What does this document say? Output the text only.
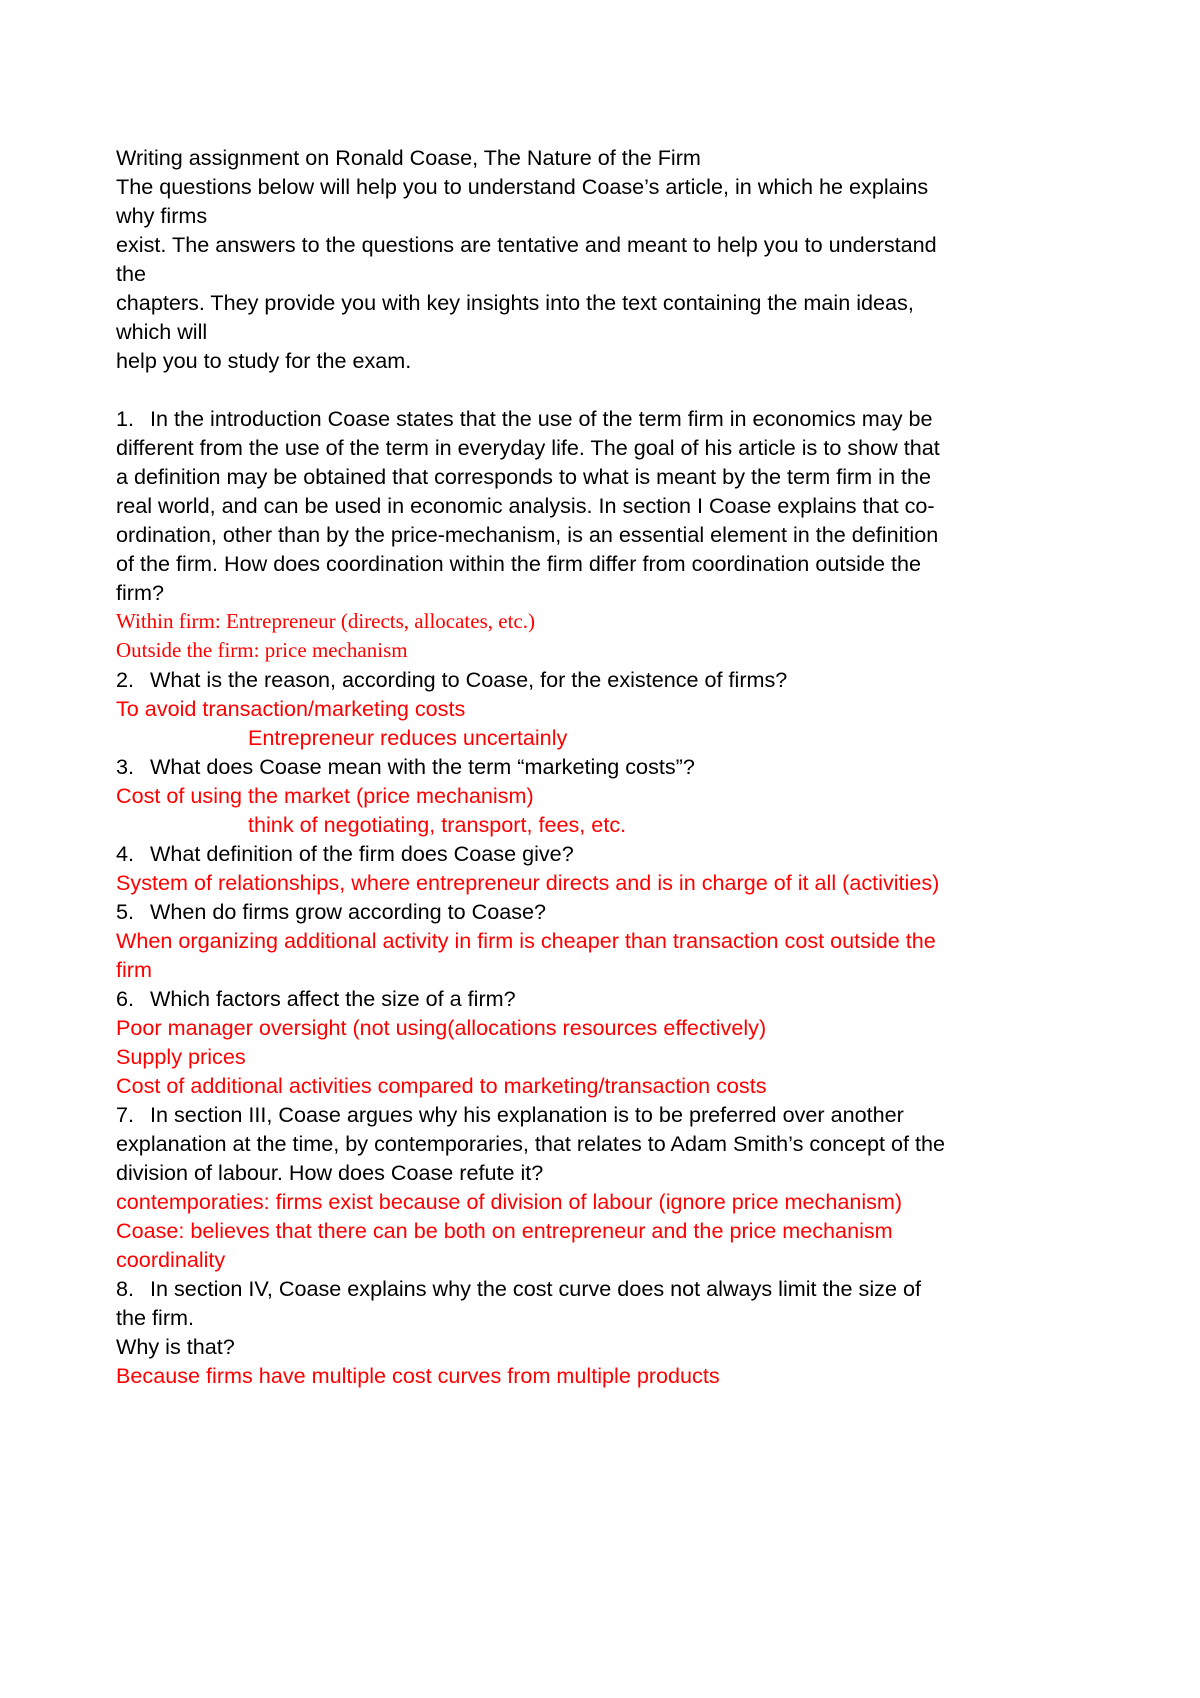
Writing assignment on Ronald Coase, The Nature of the Firm
The questions below will help you to understand Coase’s article, in which he explains
why firms
exist. The answers to the questions are tentative and meant to help you to understand
the
chapters. They provide you with key insights into the text containing the main ideas,
which will
help you to study for the exam.
1. In the introduction Coase states that the use of the term firm in economics may be
different from the use of the term in everyday life. The goal of his article is to show that
a definition may be obtained that corresponds to what is meant by the term firm in the
real world, and can be used in economic analysis. In section I Coase explains that co-
ordination, other than by the price-mechanism, is an essential element in the definition
of the firm. How does coordination within the firm differ from coordination outside the
firm?
Within firm: Entrepreneur (directs, allocates, etc.)
Outside the firm: price mechanism
2. What is the reason, according to Coase, for the existence of firms?
To avoid transaction/marketing costs
Entrepreneur reduces uncertainly
3. What does Coase mean with the term “marketing costs”?
Cost of using the market (price mechanism)
think of negotiating, transport, fees, etc.
4. What definition of the firm does Coase give?
System of relationships, where entrepreneur directs and is in charge of it all (activities)
5. When do firms grow according to Coase?
When organizing additional activity in firm is cheaper than transaction cost outside the
firm
6. Which factors affect the size of a firm?
Poor manager oversight (not using(allocations resources effectively)
Supply prices
Cost of additional activities compared to marketing/transaction costs
7. In section III, Coase argues why his explanation is to be preferred over another
explanation at the time, by contemporaries, that relates to Adam Smith’s concept of the
division of labour. How does Coase refute it?
contemporaties: firms exist because of division of labour (ignore price mechanism)
Coase: believes that there can be both on entrepreneur and the price mechanism
coordinality
8. In section IV, Coase explains why the cost curve does not always limit the size of
the firm.
Why is that?
Because firms have multiple cost curves from multiple products
